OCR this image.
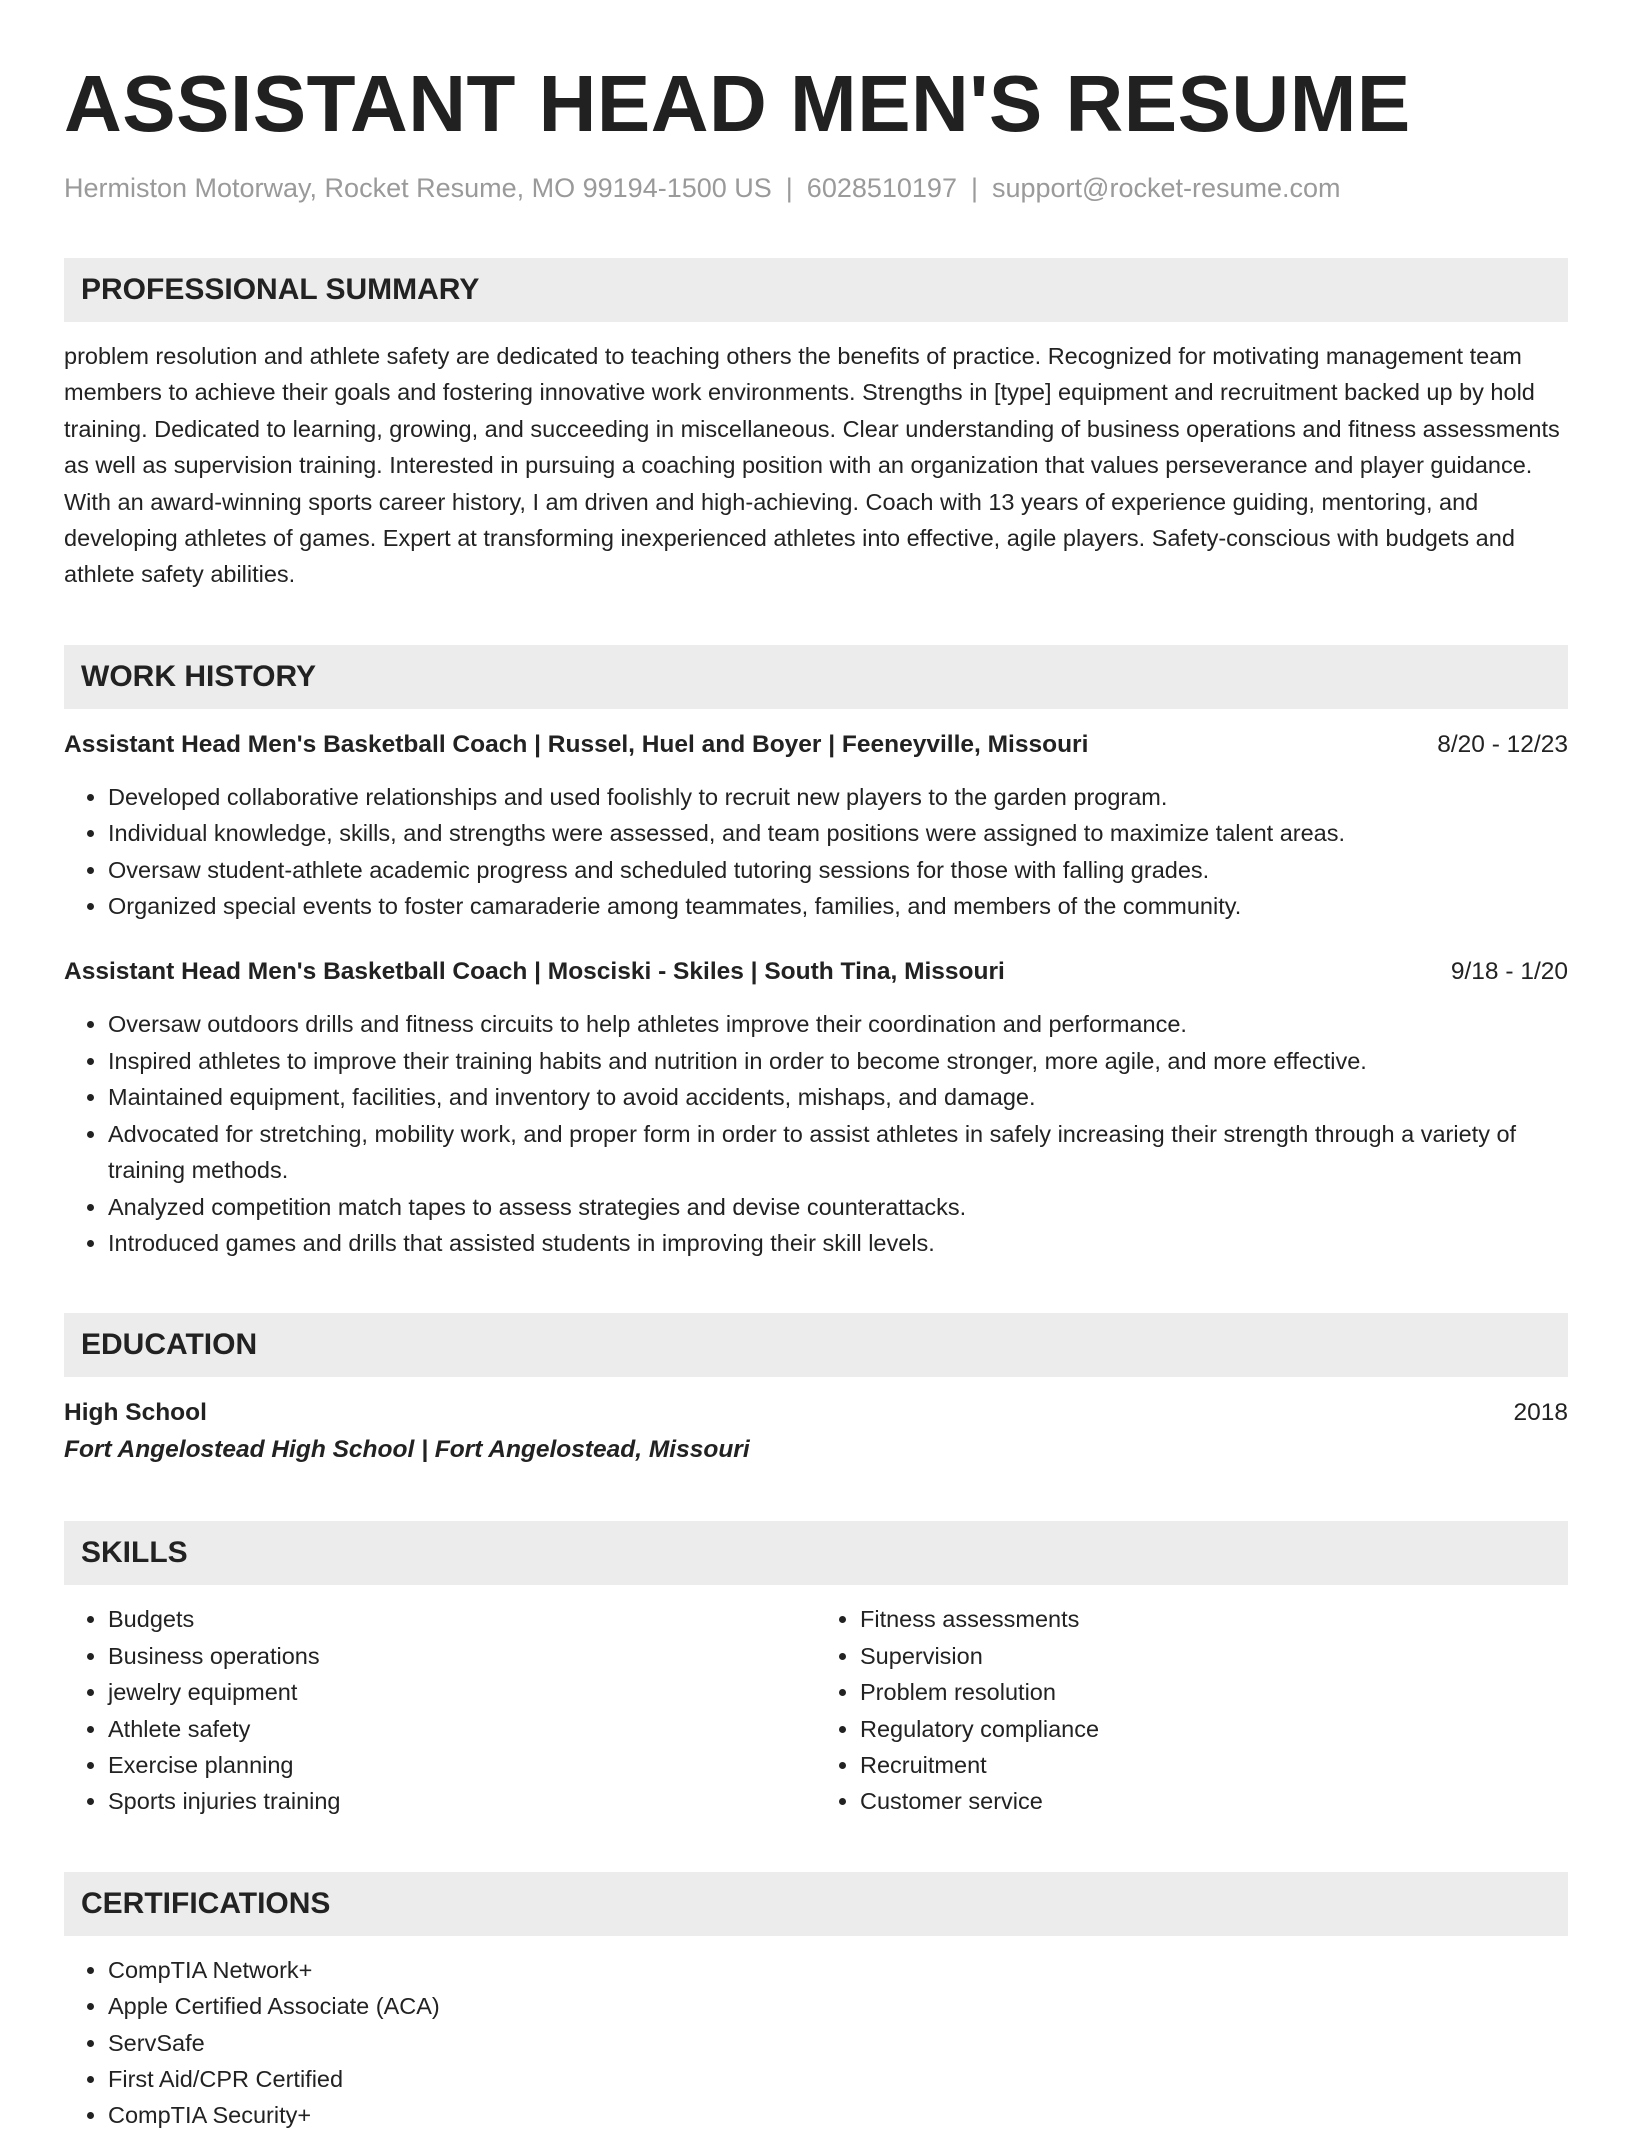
ASSISTANT HEAD MEN'S RESUME
Hermiston Motorway, Rocket Resume, MO 99194-1500 US | 6028510197 | support@rocket-resume.com
PROFESSIONAL SUMMARY
problem resolution and athlete safety are dedicated to teaching others the benefits of practice. Recognized for motivating management team members to achieve their goals and fostering innovative work environments. Strengths in [type] equipment and recruitment backed up by hold training. Dedicated to learning, growing, and succeeding in miscellaneous. Clear understanding of business operations and fitness assessments as well as supervision training. Interested in pursuing a coaching position with an organization that values perseverance and player guidance. With an award-winning sports career history, I am driven and high-achieving. Coach with 13 years of experience guiding, mentoring, and developing athletes of games. Expert at transforming inexperienced athletes into effective, agile players. Safety-conscious with budgets and athlete safety abilities.
WORK HISTORY
Assistant Head Men's Basketball Coach | Russel, Huel and Boyer | Feeneyville, Missouri	8/20 - 12/23
• Developed collaborative relationships and used foolishly to recruit new players to the garden program.
• Individual knowledge, skills, and strengths were assessed, and team positions were assigned to maximize talent areas.
• Oversaw student-athlete academic progress and scheduled tutoring sessions for those with falling grades.
• Organized special events to foster camaraderie among teammates, families, and members of the community.
Assistant Head Men's Basketball Coach | Mosciski - Skiles | South Tina, Missouri	9/18 - 1/20
• Oversaw outdoors drills and fitness circuits to help athletes improve their coordination and performance.
• Inspired athletes to improve their training habits and nutrition in order to become stronger, more agile, and more effective.
• Maintained equipment, facilities, and inventory to avoid accidents, mishaps, and damage.
• Advocated for stretching, mobility work, and proper form in order to assist athletes in safely increasing their strength through a variety of training methods.
• Analyzed competition match tapes to assess strategies and devise counterattacks.
• Introduced games and drills that assisted students in improving their skill levels.
EDUCATION
High School	2018
Fort Angelostead High School | Fort Angelostead, Missouri
SKILLS
• Budgets
• Business operations
• jewelry equipment
• Athlete safety
• Exercise planning
• Sports injuries training
• Fitness assessments
• Supervision
• Problem resolution
• Regulatory compliance
• Recruitment
• Customer service
CERTIFICATIONS
• CompTIA Network+
• Apple Certified Associate (ACA)
• ServSafe
• First Aid/CPR Certified
• CompTIA Security+
